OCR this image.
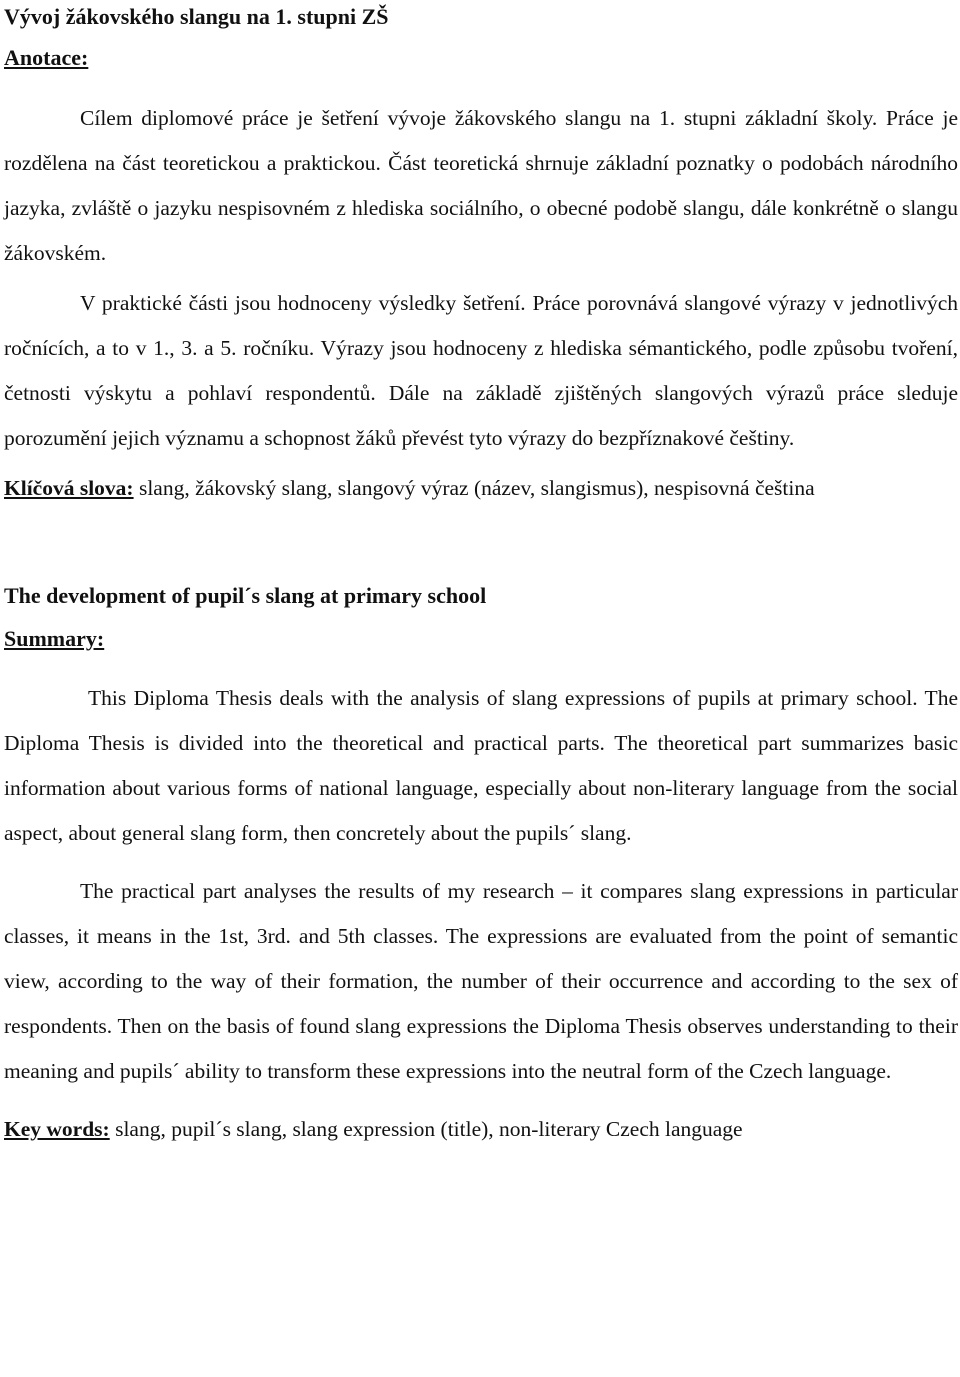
Vývoj žákovského slangu na 1. stupni ZŠ
Anotace:

Cílem diplomové práce je šetření vývoje žákovského slangu na 1. stupni základní školy. Práce je rozdělena na část teoretickou a praktickou. Část teoretická shrnuje základní poznatky o podobách národního jazyka, zvláště o jazyku nespisovném z hlediska sociálního, o obecné podobě slangu, dále konkrétně o slangu žákovském.

V praktické části jsou hodnoceny výsledky šetření. Práce porovnává slangové výrazy v jednotlivých ročnících, a to v 1., 3. a 5. ročníku. Výrazy jsou hodnoceny z hlediska sémantického, podle způsobu tvoření, četnosti výskytu a pohlaví respondentů. Dále na základě zjištěných slangových výrazů práce sleduje porozumění jejich významu a schopnost žáků převést tyto výrazy do bezpříznakové češtiny.

Klíčová slova: slang, žákovský slang, slangový výraz (název, slangismus), nespisovná čeština

The development of pupil´s slang at primary school
Summary:

This Diploma Thesis deals with the analysis of slang expressions of pupils at primary school. The Diploma Thesis is divided into the theoretical and practical parts. The theoretical part summarizes basic information about various forms of national language, especially about non-literary language from the social aspect, about general slang form, then concretely about the pupils´ slang.

The practical part analyses the results of my research – it compares slang expressions in particular classes, it means in the 1st, 3rd. and 5th classes. The expressions are evaluated from the point of semantic view, according to the way of their formation, the number of their occurrence and according to the sex of respondents. Then on the basis of found slang expressions the Diploma Thesis observes understanding to their meaning and pupils´ ability to transform these expressions into the neutral form of the Czech language.

Key words: slang, pupil´s slang, slang expression (title), non-literary Czech language
